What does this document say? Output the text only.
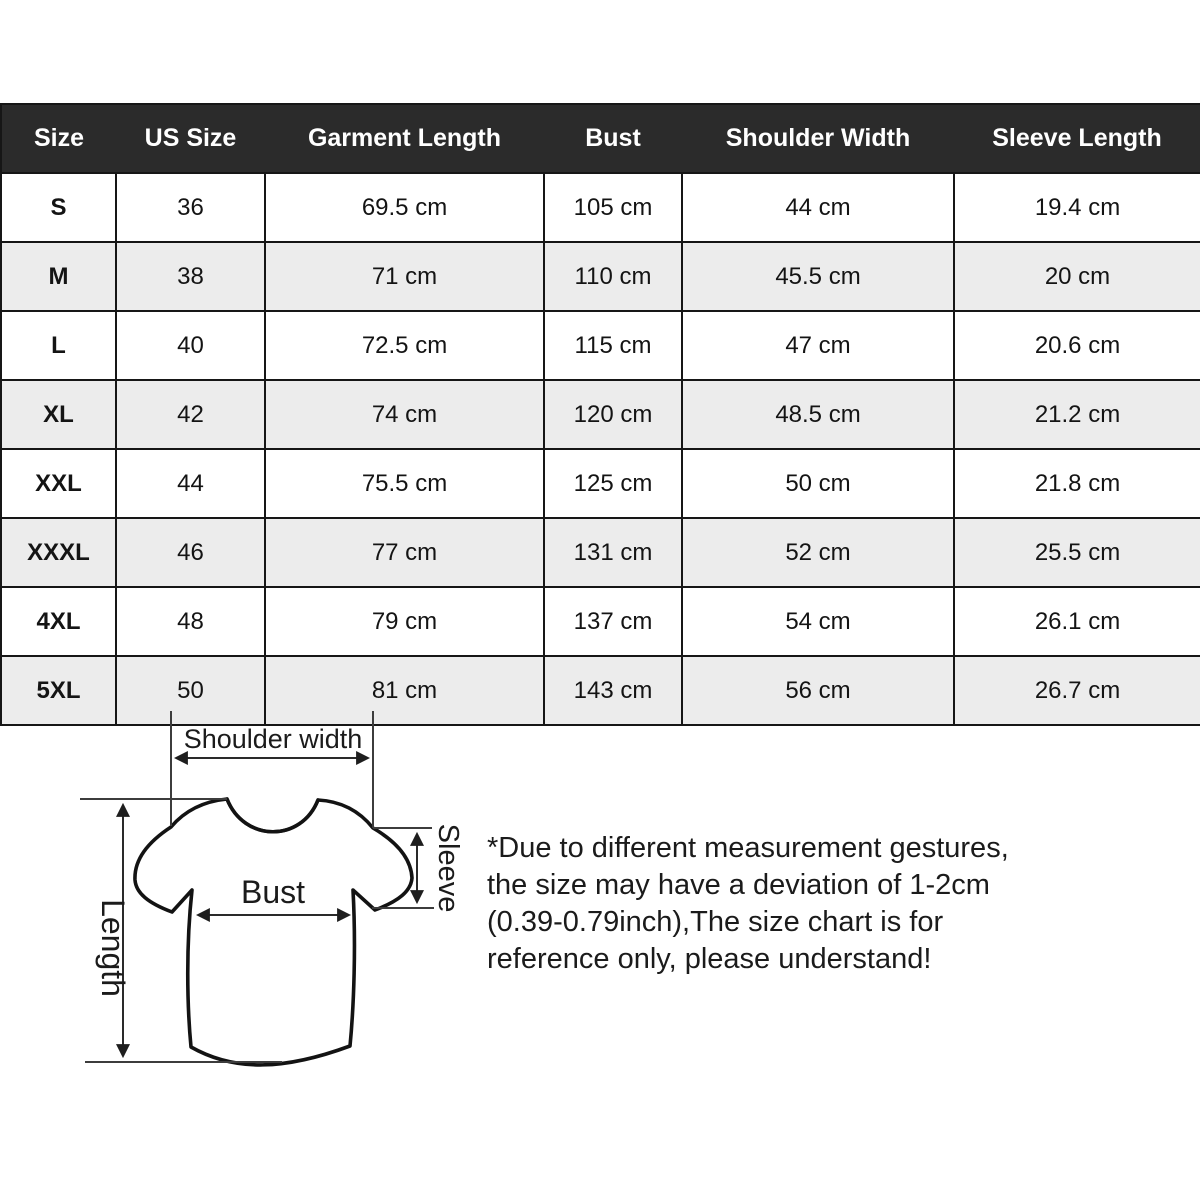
Size	US Size	Garment Length	Bust	Shoulder Width	Sleeve Length
S	36	69.5 cm	105 cm	44 cm	19.4 cm
M	38	71 cm	110 cm	45.5 cm	20 cm
L	40	72.5 cm	115 cm	47 cm	20.6 cm
XL	42	74 cm	120 cm	48.5 cm	21.2 cm
XXL	44	75.5 cm	125 cm	50 cm	21.8 cm
XXXL	46	77 cm	131 cm	52 cm	25.5 cm
4XL	48	79 cm	137 cm	54 cm	26.1 cm
5XL	50	81 cm	143 cm	56 cm	26.7 cm
Shoulder width
Length
Bust	Sleeve *Due to different measurement gestures,
the size may have a deviation of 1-2cm
(0.39-0.79inch),The size chart is for
reference only, please understand!
